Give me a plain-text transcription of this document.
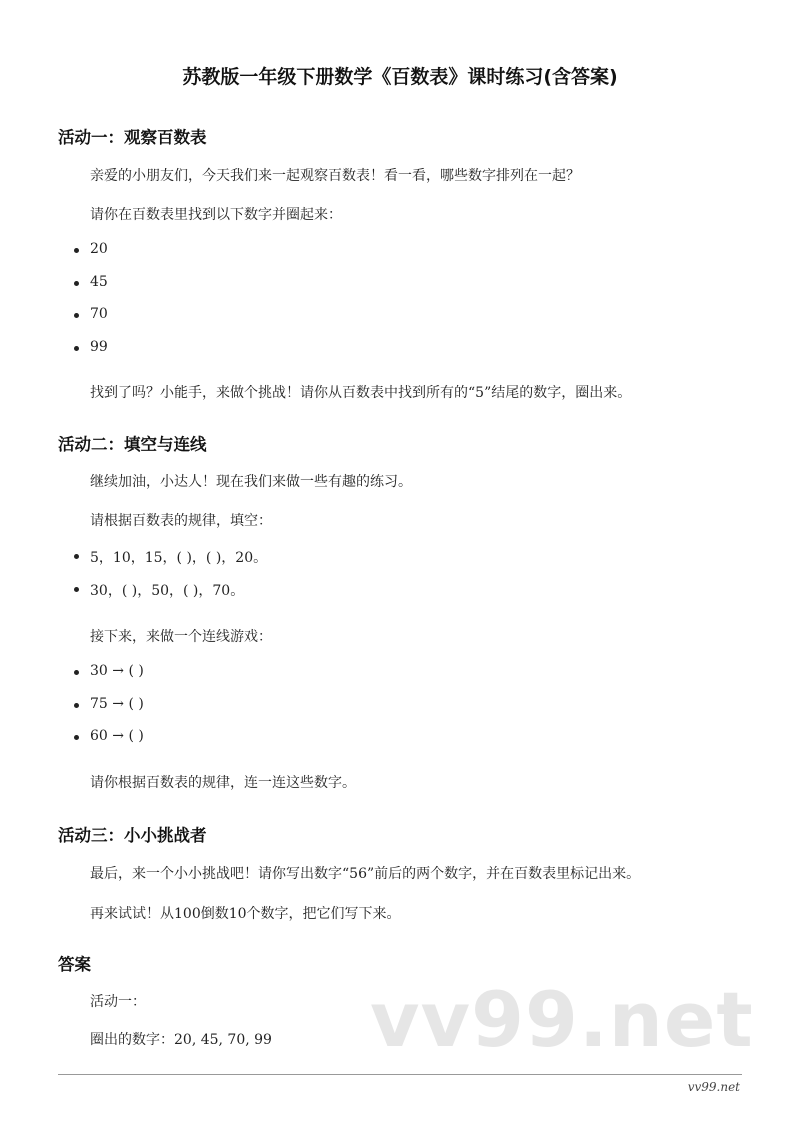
苏教版一年级下册数学《百数表》课时练习(含答案)
活动一：观察百数表

亲爱的小朋友们，今天我们来一起观察百数表！看一看，哪些数字排列在一起？

请你在百数表里找到以下数字并圈起来：

20
45
70
99

找到了吗？小能手，来做个挑战！请你从百数表中找到所有的“5”结尾的数字，圈出来。

活动二：填空与连线

继续加油，小达人！现在我们来做一些有趣的练习。

请根据百数表的规律，填空：

5，10，15，( )，( )，20。
30，( )，50，( )，70。

接下来，来做一个连线游戏：

30 → ( )
75 → ( )
60 → ( )

请你根据百数表的规律，连一连这些数字。

活动三：小小挑战者

最后，来一个小小挑战吧！请你写出数字“56”前后的两个数字，并在百数表里标记出来。

再来试试！从100倒数10个数字，把它们写下来。

答案

活动一：

圈出的数字：20, 45, 70, 99 vv99.net

vv99.net
